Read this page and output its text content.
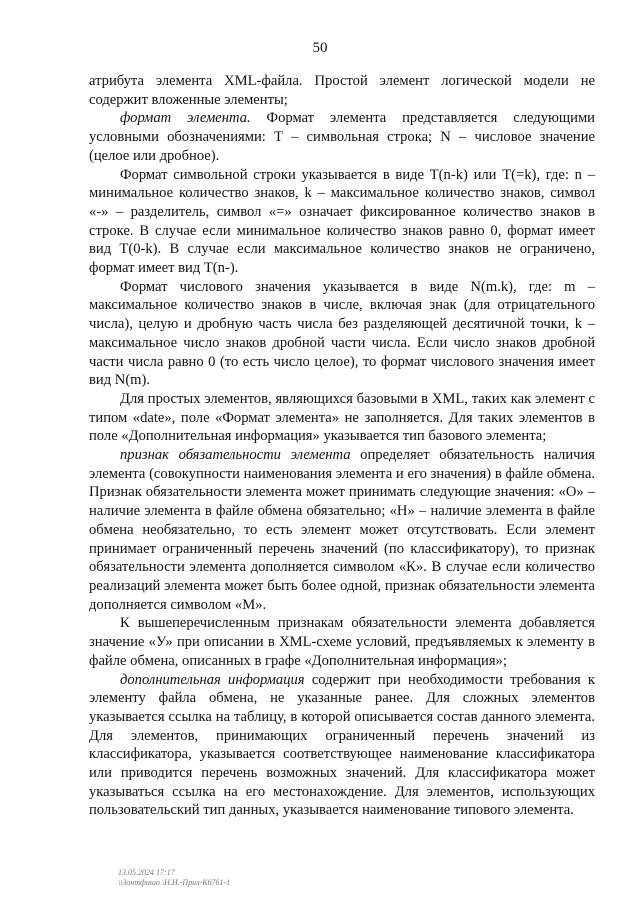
50

атрибута элемента XML-файла. Простой элемент логической модели не содержит вложенные элементы;

формат элемента. Формат элемента представляется следующими условными обозначениями: Т – символьная строка; N – числовое значение (целое или дробное).

Формат символьной строки указывается в виде T(n-k) или T(=k), где: n – минимальное количество знаков, k – максимальное количество знаков, символ «-» – разделитель, символ «=» означает фиксированное количество знаков в строке. В случае если минимальное количество знаков равно 0, формат имеет вид T(0-k). В случае если максимальное количество знаков не ограничено, формат имеет вид T(n-).

Формат числового значения указывается в виде N(m.k), где: m – максимальное количество знаков в числе, включая знак (для отрицательного числа), целую и дробную часть числа без разделяющей десятичной точки, k – максимальное число знаков дробной части числа. Если число знаков дробной части числа равно 0 (то есть число целое), то формат числового значения имеет вид N(m).

Для простых элементов, являющихся базовыми в XML, таких как элемент с типом «date», поле «Формат элемента» не заполняется. Для таких элементов в поле «Дополнительная информация» указывается тип базового элемента;

признак обязательности элемента определяет обязательность наличия элемента (совокупности наименования элемента и его значения) в файле обмена. Признак обязательности элемента может принимать следующие значения: «О» – наличие элемента в файле обмена обязательно; «Н» – наличие элемента в файле обмена необязательно, то есть элемент может отсутствовать. Если элемент принимает ограниченный перечень значений (по классификатору), то признак обязательности элемента дополняется символом «К». В случае если количество реализаций элемента может быть более одной, признак обязательности элемента дополняется символом «М».

К вышеперечисленным признакам обязательности элемента добавляется значение «У» при описании в XML-схеме условий, предъявляемых к элементу в файле обмена, описанных в графе «Дополнительная информация»;

дополнительная информация содержит при необходимости требования к элементу файла обмена, не указанные ранее. Для сложных элементов указывается ссылка на таблицу, в которой описывается состав данного элемента. Для элементов, принимающих ограниченный перечень значений из классификатора, указывается соответствующее наименование классификатора или приводится перечень возможных значений. Для классификатора может указываться ссылка на его местонахождение. Для элементов, использующих пользовательский тип данных, указывается наименование типового элемента.

13.05.2024 17:17
\\Зонтфишо \Н.И.-Прил-К6761-1
